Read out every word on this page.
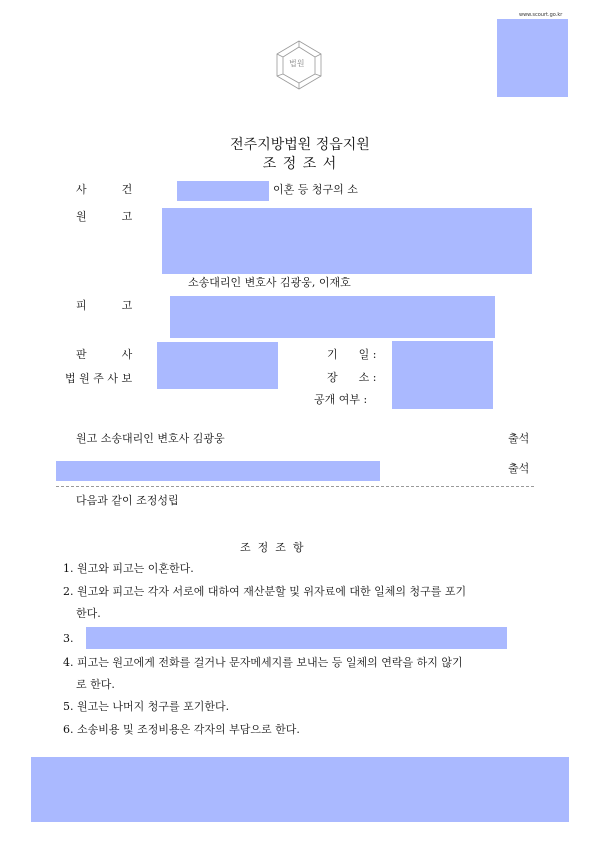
www.scourt.go.kr
법원
전주지방법원 정읍지원
조 정 조 서
사          건	이혼 등 청구의 소
원          고
소송대리인 변호사 김광웅, 이재호
피          고
판          사
법 원 주 사 보
기      일 :
장      소 :
공개 여부 :
원고 소송대리인 변호사 김광웅	출석
출석
다음과 같이 조정성립
조  정  조  항
1. 원고와 피고는 이혼한다.
2. 원고와 피고는 각자 서로에 대하여 재산분할 및 위자료에 대한 일체의 청구를 포기
한다.
3.
4. 피고는 원고에게 전화를 걸거나 문자메세지를 보내는 등 일체의 연락을 하지 않기
로 한다.
5. 원고는 나머지 청구를 포기한다.
6. 소송비용 및 조정비용은 각자의 부담으로 한다.
